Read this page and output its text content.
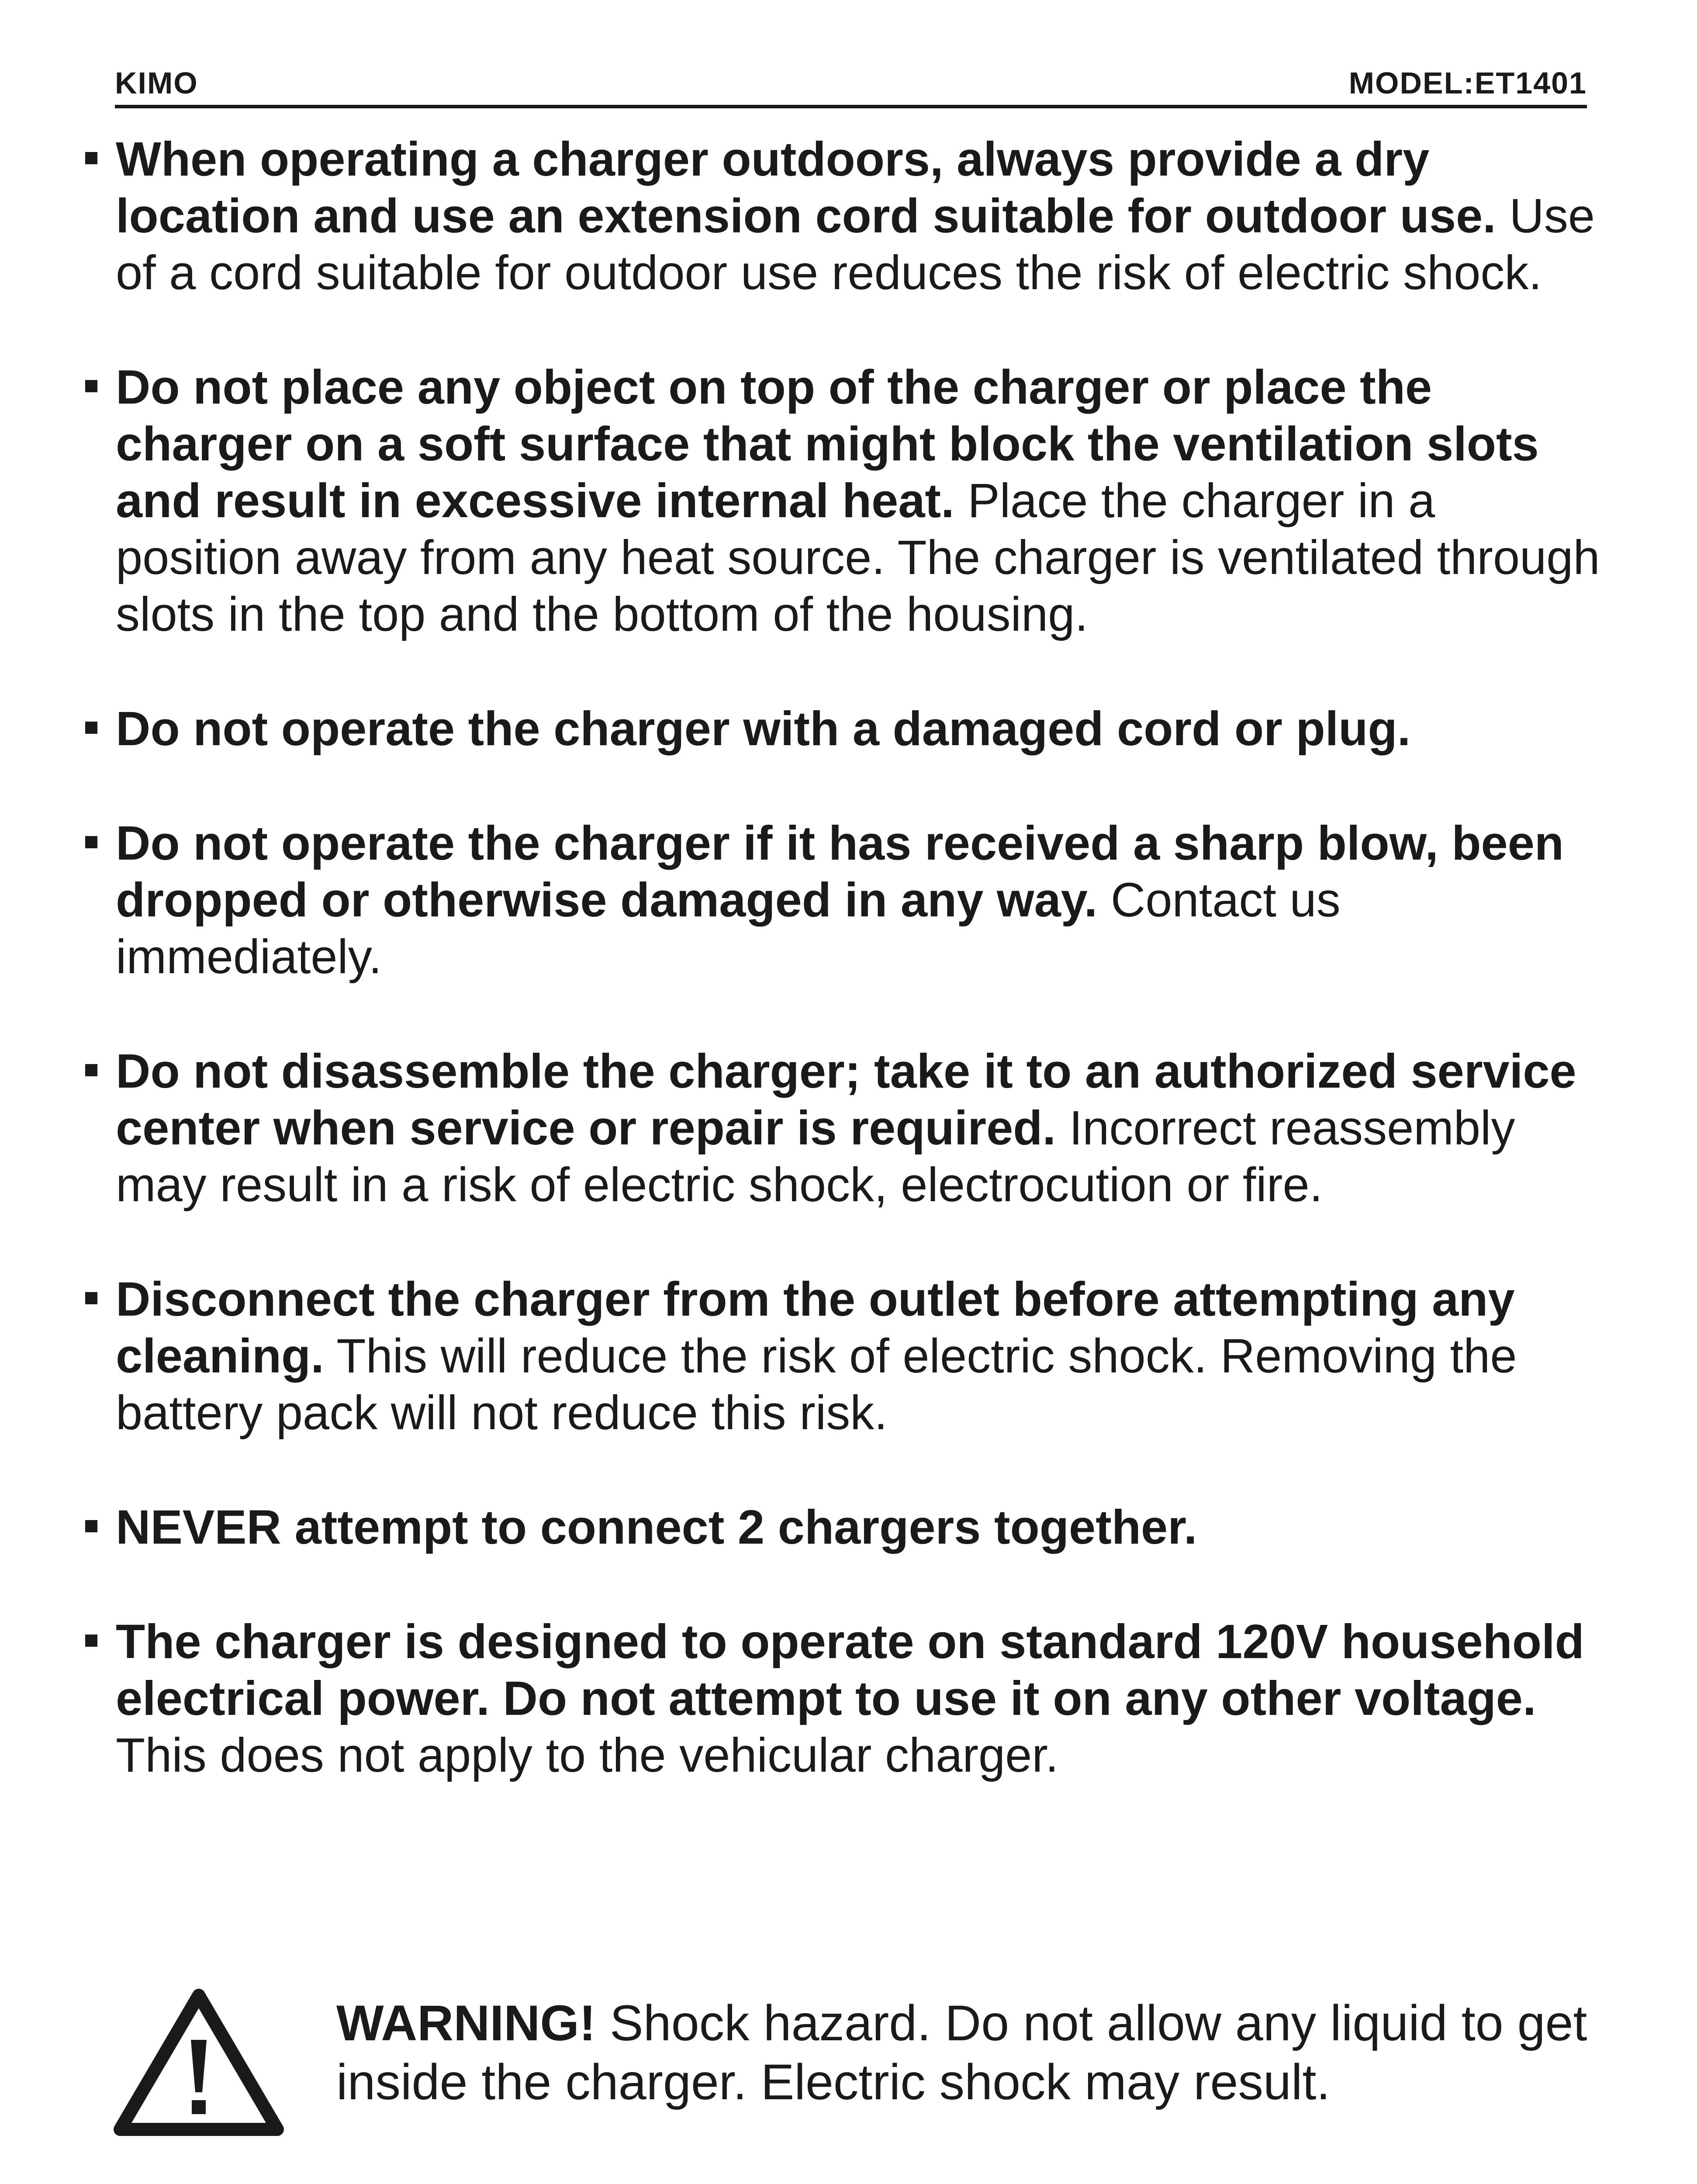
KIMO	MODEL:ET1401
When operating a charger outdoors, always provide a dry location and use an extension cord suitable for outdoor use. Use of a cord suitable for outdoor use reduces the risk of electric shock.
Do not place any object on top of the charger or place the charger on a soft surface that might block the ventilation slots and result in excessive internal heat. Place the charger in a position away from any heat source. The charger is ventilated through slots in the top and the bottom of the housing.
Do not operate the charger with a damaged cord or plug.
Do not operate the charger if it has received a sharp blow, been dropped or otherwise damaged in any way. Contact us immediately.
Do not disassemble the charger; take it to an authorized service center when service or repair is required. Incorrect reassembly may result in a risk of electric shock, electrocution or fire.
Disconnect the charger from the outlet before attempting any cleaning. This will reduce the risk of electric shock. Removing the battery pack will not reduce this risk.
NEVER attempt to connect 2 chargers together.
The charger is designed to operate on standard 120V household electrical power. Do not attempt to use it on any other voltage. This does not apply to the vehicular charger.
WARNING! Shock hazard. Do not allow any liquid to get inside the charger. Electric shock may result.
